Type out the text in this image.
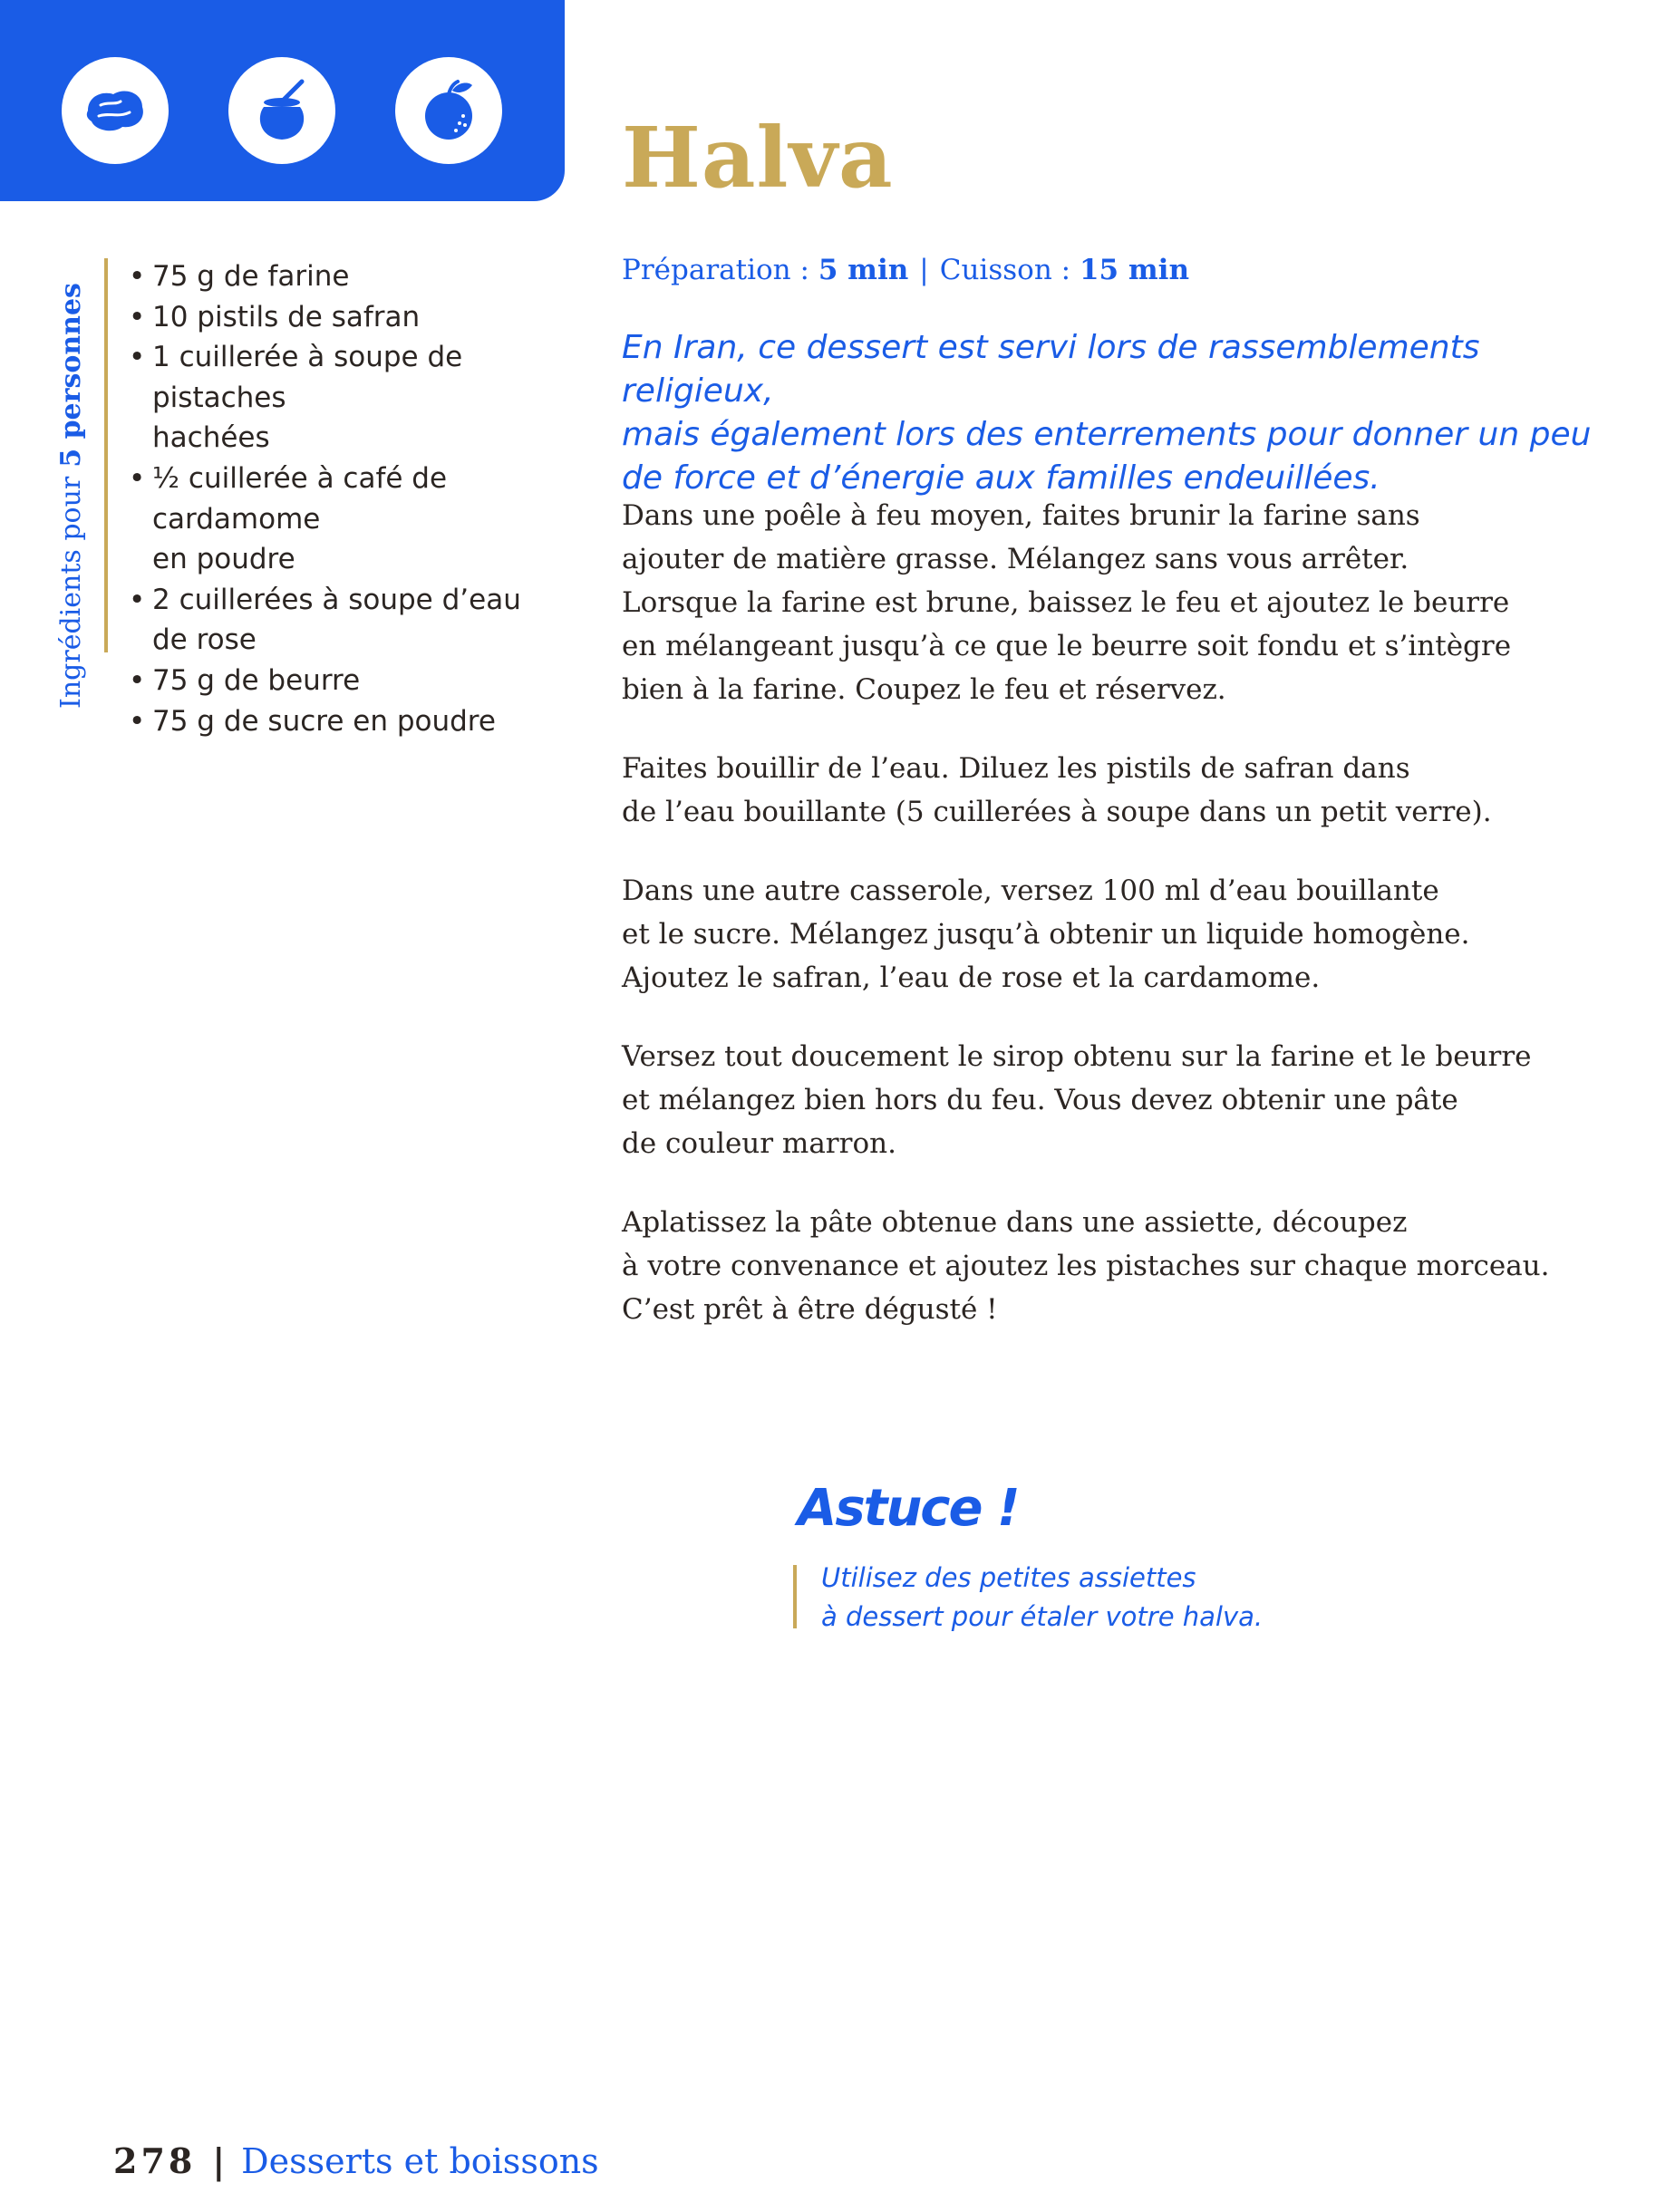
Halva
Ingrédients pour
5 personnes
• 75 g de farine
• 10 pistils de safran
• 1 cuillerée à soupe de pistaches
hachées
• ½ cuillerée à café de cardamome
en poudre
• 2 cuillerées à soupe d’eau
de rose
• 75 g de beurre
• 75 g de sucre en poudre
Préparation : 5 min | Cuisson : 15 min

En Iran, ce dessert est servi lors de rassemblements religieux,
mais également lors des enterrements pour donner un peu
de force et d’énergie aux familles endeuillées.

Dans une poêle à feu moyen, faites brunir la farine sans
ajouter de matière grasse. Mélangez sans vous arrêter.
Lorsque la farine est brune, baissez le feu et ajoutez le beurre
en mélangeant jusqu’à ce que le beurre soit fondu et s’intègre
bien à la farine. Coupez le feu et réservez.

Faites bouillir de l’eau. Diluez les pistils de safran dans
de l’eau bouillante (5 cuillerées à soupe dans un petit verre).

Dans une autre casserole, versez 100 ml d’eau bouillante
et le sucre. Mélangez jusqu’à obtenir un liquide homogène.
Ajoutez le safran, l’eau de rose et la cardamome.

Versez tout doucement le sirop obtenu sur la farine et le beurre
et mélangez bien hors du feu. Vous devez obtenir une pâte
de couleur marron.

Aplatissez la pâte obtenue dans une assiette, découpez
à votre convenance et ajoutez les pistaches sur chaque morceau.
C’est prêt à être dégusté !

Astuce !

Utilisez des petites assiettes
à dessert pour étaler votre halva.

278 | Desserts et boissons
